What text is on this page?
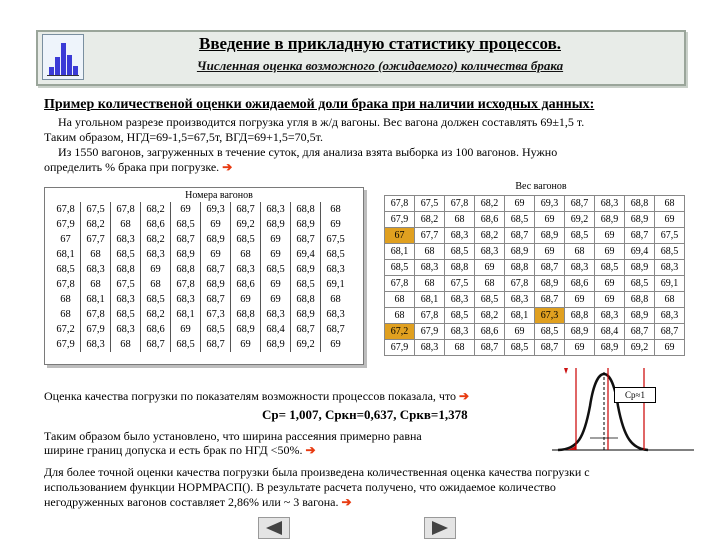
Введение в прикладную статистику процессов.
Численная оценка возможного (ожидаемого) количества брака
Пример количественой оценки ожидаемой доли брака при наличии исходных данных:
На угольном разрезе производится погрузка угля в ж/д вагоны. Вес вагона должен составлять 69±1,5 т.
Таким образом, НГД=69-1,5=67,5т, ВГД=69+1,5=70,5т.
Из 1550 вагонов, загруженных в течение суток, для анализа взята выборка из 100 вагонов. Нужно
определить % брака при погрузке. ➔
Номера вагонов
67,8	67,5	67,8	68,2	69	69,3	68,7	68,3	68,8	68
67,9	68,2	68	68,6	68,5	69	69,2	68,9	68,9	69
67	67,7	68,3	68,2	68,7	68,9	68,5	69	68,7	67,5
68,1	68	68,5	68,3	68,9	69	68	69	69,4	68,5
68,5	68,3	68,8	69	68,8	68,7	68,3	68,5	68,9	68,3
67,8	68	67,5	68	67,8	68,9	68,6	69	68,5	69,1
68	68,1	68,3	68,5	68,3	68,7	69	69	68,8	68
68	67,8	68,5	68,2	68,1	67,3	68,8	68,3	68,9	68,3
67,2	67,9	68,3	68,6	69	68,5	68,9	68,4	68,7	68,7
67,9	68,3	68	68,7	68,5	68,7	69	68,9	69,2	69
Вес вагонов
67,8	67,5	67,8	68,2	69	69,3	68,7	68,3	68,8	68
67,9	68,2	68	68,6	68,5	69	69,2	68,9	68,9	69
67	67,7	68,3	68,2	68,7	68,9	68,5	69	68,7	67,5
68,1	68	68,5	68,3	68,9	69	68	69	69,4	68,5
68,5	68,3	68,8	69	68,8	68,7	68,3	68,5	68,9	68,3
67,8	68	67,5	68	67,8	68,9	68,6	69	68,5	69,1
68	68,1	68,3	68,5	68,3	68,7	69	69	68,8	68
68	67,8	68,5	68,2	68,1	67,3	68,8	68,3	68,9	68,3
67,2	67,9	68,3	68,6	69	68,5	68,9	68,4	68,7	68,7
67,9	68,3	68	68,7	68,5	68,7	69	68,9	69,2	69
Оценка качества погрузки по показателям возможности процессов показала, что ➔
Ср= 1,007, Cpкн=0,637, Cpкв=1,378
Таким образом было установлено, что ширина рассеяния примерно равна
ширине границ допуска и есть брак по НГД <50%. ➔
Ср≈1
Для более точной оценки качества погрузки была произведена количественная оценка качества погрузки с
использованием функции НОРМРАСП(). В результате расчета получено, что ожидаемое количество
негодруженных вагонов составляет 2,86% или ~ 3 вагона. ➔
